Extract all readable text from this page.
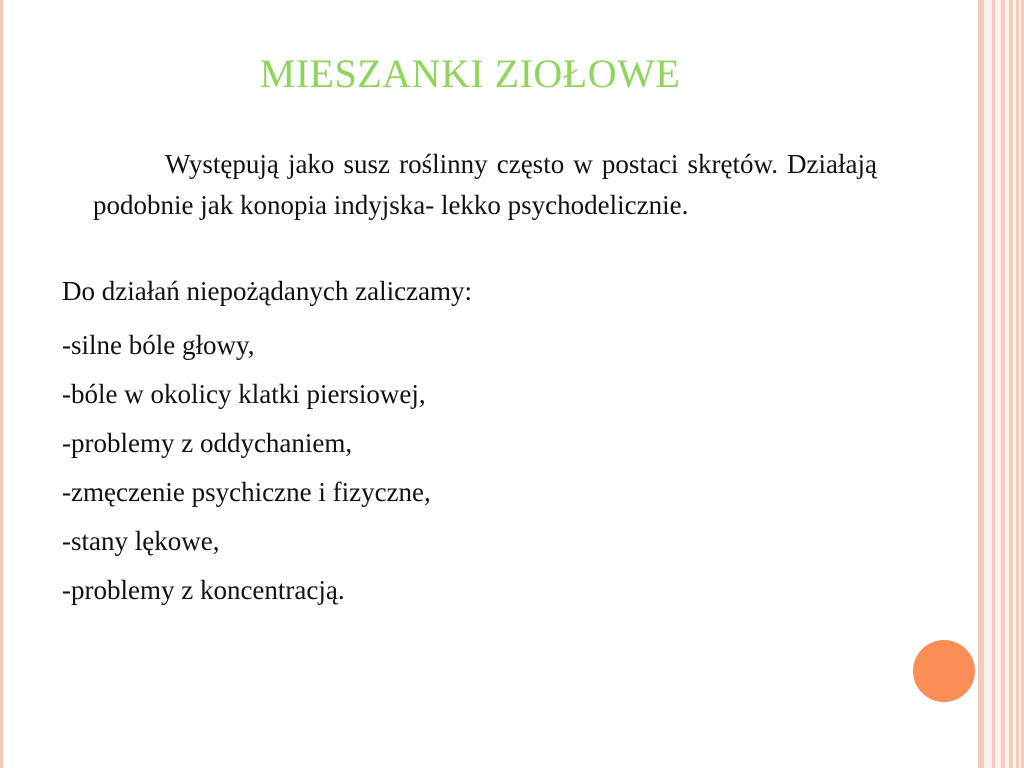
MIESZANKI ZIOŁOWE

Występują jako susz roślinny często w postaci skrętów. Działają podobnie jak konopia indyjska- lekko psychodelicznie.

Do działań niepożądanych zaliczamy:

-silne bóle głowy,
-bóle w okolicy klatki piersiowej,
-problemy z oddychaniem,
-zmęczenie psychiczne i fizyczne,
-stany lękowe,
-problemy z koncentracją.
